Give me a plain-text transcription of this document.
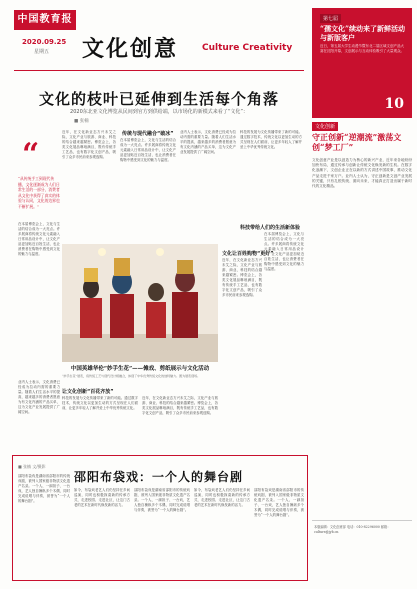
中国教育报
2020.09.25
星期五 文化创意	Culture Creativity
第七届
“孺文化”续动来了新鲜活动与新版客户
近日，第五届大学生动漫节暨东北二届区域文创产品大赛在沈阳开幕，文创展示与互动体验吸引了大量观众。
10
文化创新
守正创新“逆潮流”激荡文创“梦工厂”
文化创意产业是以创造力为核心的新兴产业，近年来各地纷纷加快布局，通过传承与创新让传统文化焕发新的生机。在数字化浪潮下，文创企业正在以新的方式讲述中国故事，推动文化产品走进千家万户。业内人士认为，守正创新是文创产业发展的关键，只有扎根传统、面向未来，才能真正打造出属于新时代的文化精品。
文化的枝叶已延伸到生活每个角落
2020东北亚文化博览从民间到官方到供给端，以市场化的新模式来看了“文化”：
■ 张楠
“
“从传统手工到现代传播，文化逐渐成为人们日常生活的一部分，消费者从文化中获得了真实的体验与认同，文化的边界也不断扩展。”
近年，在文化新业态方兴未艾之际，文化产业与旅游、商业、科技的结合越来越紧密。博览会上，各类文化展品琳琅满目，既有传统手工艺品，也有数字化文创产品，吸引了众多市民前来参观选购。
传统与现代融合“破冰”
在本届博览会上，文化与生活的结合成为一大亮点。许多展商将传统文化元素融入日常用品设计中，让文化产品更加贴近百姓生活，也让消费者在购物中感受到文化的魅力与温度。
业内人士表示，文化消费已经成为拉动内需的重要力量。随着人们生活水平的提高，越来越多的消费者愿意为有文化内涵的产品买单，这为文化产业发展提供了广阔空间。
科技的发展为文化传播带来了新的可能。通过数字技术，传统文化以更加生动的方式呈现在人们面前，让更多年轻人了解并爱上中华优秀传统文化。
科技带给人们的生活新体验
文化让百姓购物“更好”
近年，在文化新业态方兴未艾之际，文化产业与旅游、商业、科技的结合越来越紧密。博览会上，各类文化展品琳琅满目，既有传统手工艺品，也有数字化文创产品，吸引了众多市民前来参观选购。
在本届博览会上，文化与生活的结合成为一大亮点。许多展商将传统文化元素融入日常用品设计中，让文化产品更加贴近百姓生活，也让消费者在购物中感受到文化的魅力与温度。
让文化创新“百花齐放”
业内人士表示，文化消费已经成为拉动内需的重要力量。随着人们生活水平的提高，越来越多的消费者愿意为有文化内涵的产品买单，这为文化产业发展提供了广阔空间。
科技的发展为文化传播带来了新的可能。通过数字技术，传统文化以更加生动的方式呈现在人们面前，让更多年轻人了解并爱上中华优秀传统文化。
近年，在文化新业态方兴未艾之际，文化产业与旅游、商业、科技的结合越来越紧密。博览会上，各类文化展品琳琅满目，既有传统手工艺品，也有数字化文创产品，吸引了众多市民前来参观选购。
在本届博览会上，文化与生活的结合成为一大亮点。许多展商将传统文化元素融入日常用品设计中，让文化产品更加贴近百姓生活，也让消费者在购物中感受到文化的魅力与温度。
中国英雄华伦“妙手生花”——傩戏、剪纸展示与文化活动
“妙手生花”展览，将传统工艺与现代设计相融合，体现了中华优秀传统文化的独特魅力。图为展览现场。
■ 张楠 文/摄影
邵阳布袋戏：一个人的舞台剧
邵阳布袋戏是湖南省邵阳市的传统戏剧，被列入国家级非物质文化遗产名录。一个人、一副担子、一台戏，艺人独自操纵多个木偶，同时完成说唱与伴奏，被誉为“一个人的舞台剧”。
如今，布袋戏老艺人们仍坚持在乡间巡演，同时也积极探索新的传承方式，走进校园、走进社区，让这门古老的艺术在新时代焕发新的活力。
邵阳布袋戏是湖南省邵阳市的传统戏剧，被列入国家级非物质文化遗产名录。一个人、一副担子、一台戏，艺人独自操纵多个木偶，同时完成说唱与伴奏，被誉为“一个人的舞台剧”。
如今，布袋戏老艺人们仍坚持在乡间巡演，同时也积极探索新的传承方式，走进校园、走进社区，让这门古老的艺术在新时代焕发新的活力。
邵阳布袋戏是湖南省邵阳市的传统戏剧，被列入国家级非物质文化遗产名录。一个人、一副担子、一台戏，艺人独自操纵多个木偶，同时完成说唱与伴奏，被誉为“一个人的舞台剧”。
本版编辑：文化创意部 电话：010-82296000 邮箱：culture@jyb.cn
